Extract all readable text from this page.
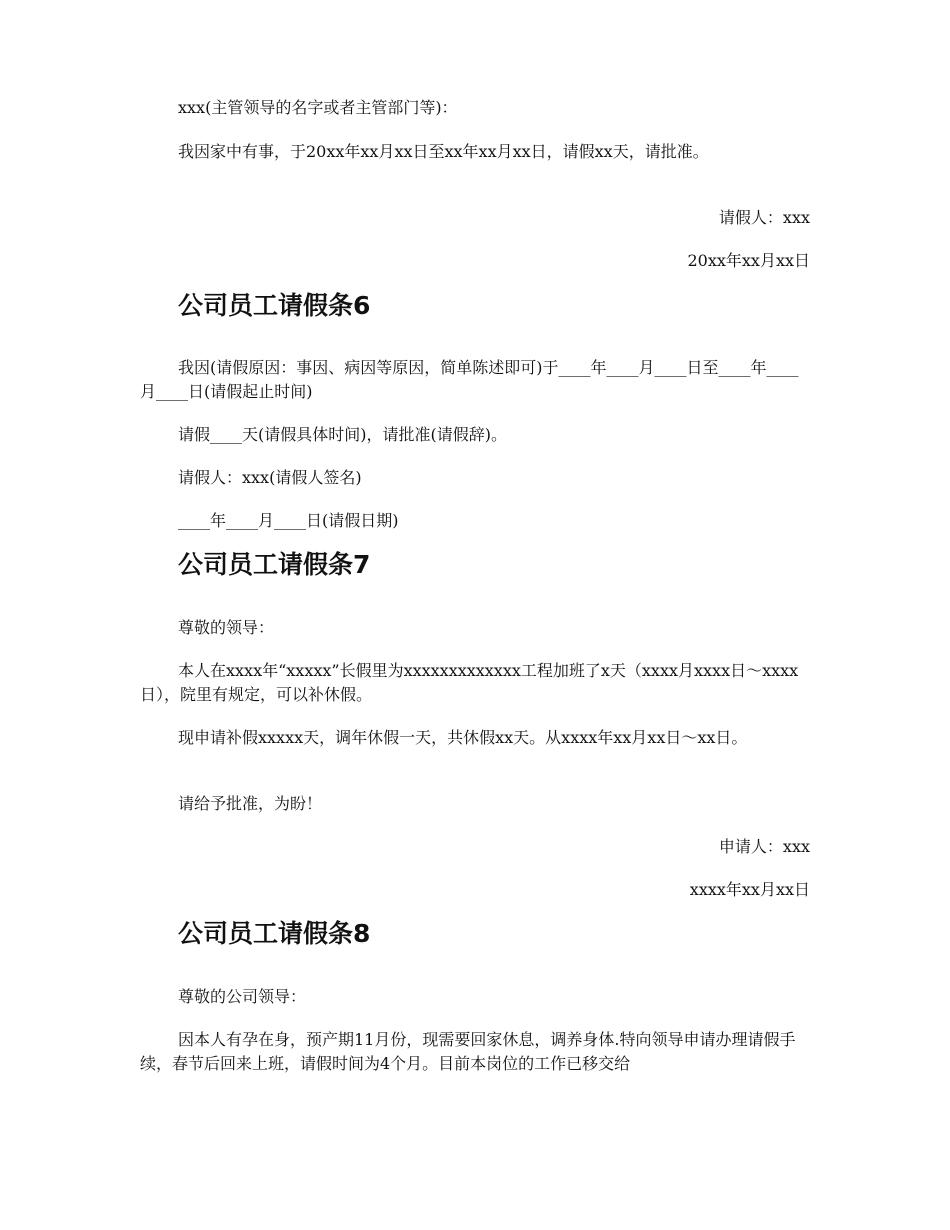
xxx(主管领导的名字或者主管部门等)：
我因家中有事，于20xx年xx月xx日至xx年xx月xx日，请假xx天，请批准。
请假人：xxx
20xx年xx月xx日
公司员工请假条6
我因(请假原因：事因、病因等原因，简单陈述即可)于____年____月____日至____年____月____日(请假起止时间)
请假____天(请假具体时间)，请批准(请假辞)。
请假人：xxx(请假人签名)
____年____月____日(请假日期)
公司员工请假条7
尊敬的领导：
本人在xxxx年“xxxxx”长假里为xxxxxxxxxxxxx工程加班了x天（xxxx月xxxx日～xxxx日），院里有规定，可以补休假。
现申请补假xxxxx天，调年休假一天，共休假xx天。从xxxx年xx月xx日～xx日。
请给予批准，为盼！
申请人：xxx
xxxx年xx月xx日
公司员工请假条8
尊敬的公司领导：
因本人有孕在身，预产期11月份，现需要回家休息，调养身体.特向领导申请办理请假手续，春节后回来上班，请假时间为4个月。目前本岗位的工作已移交给
